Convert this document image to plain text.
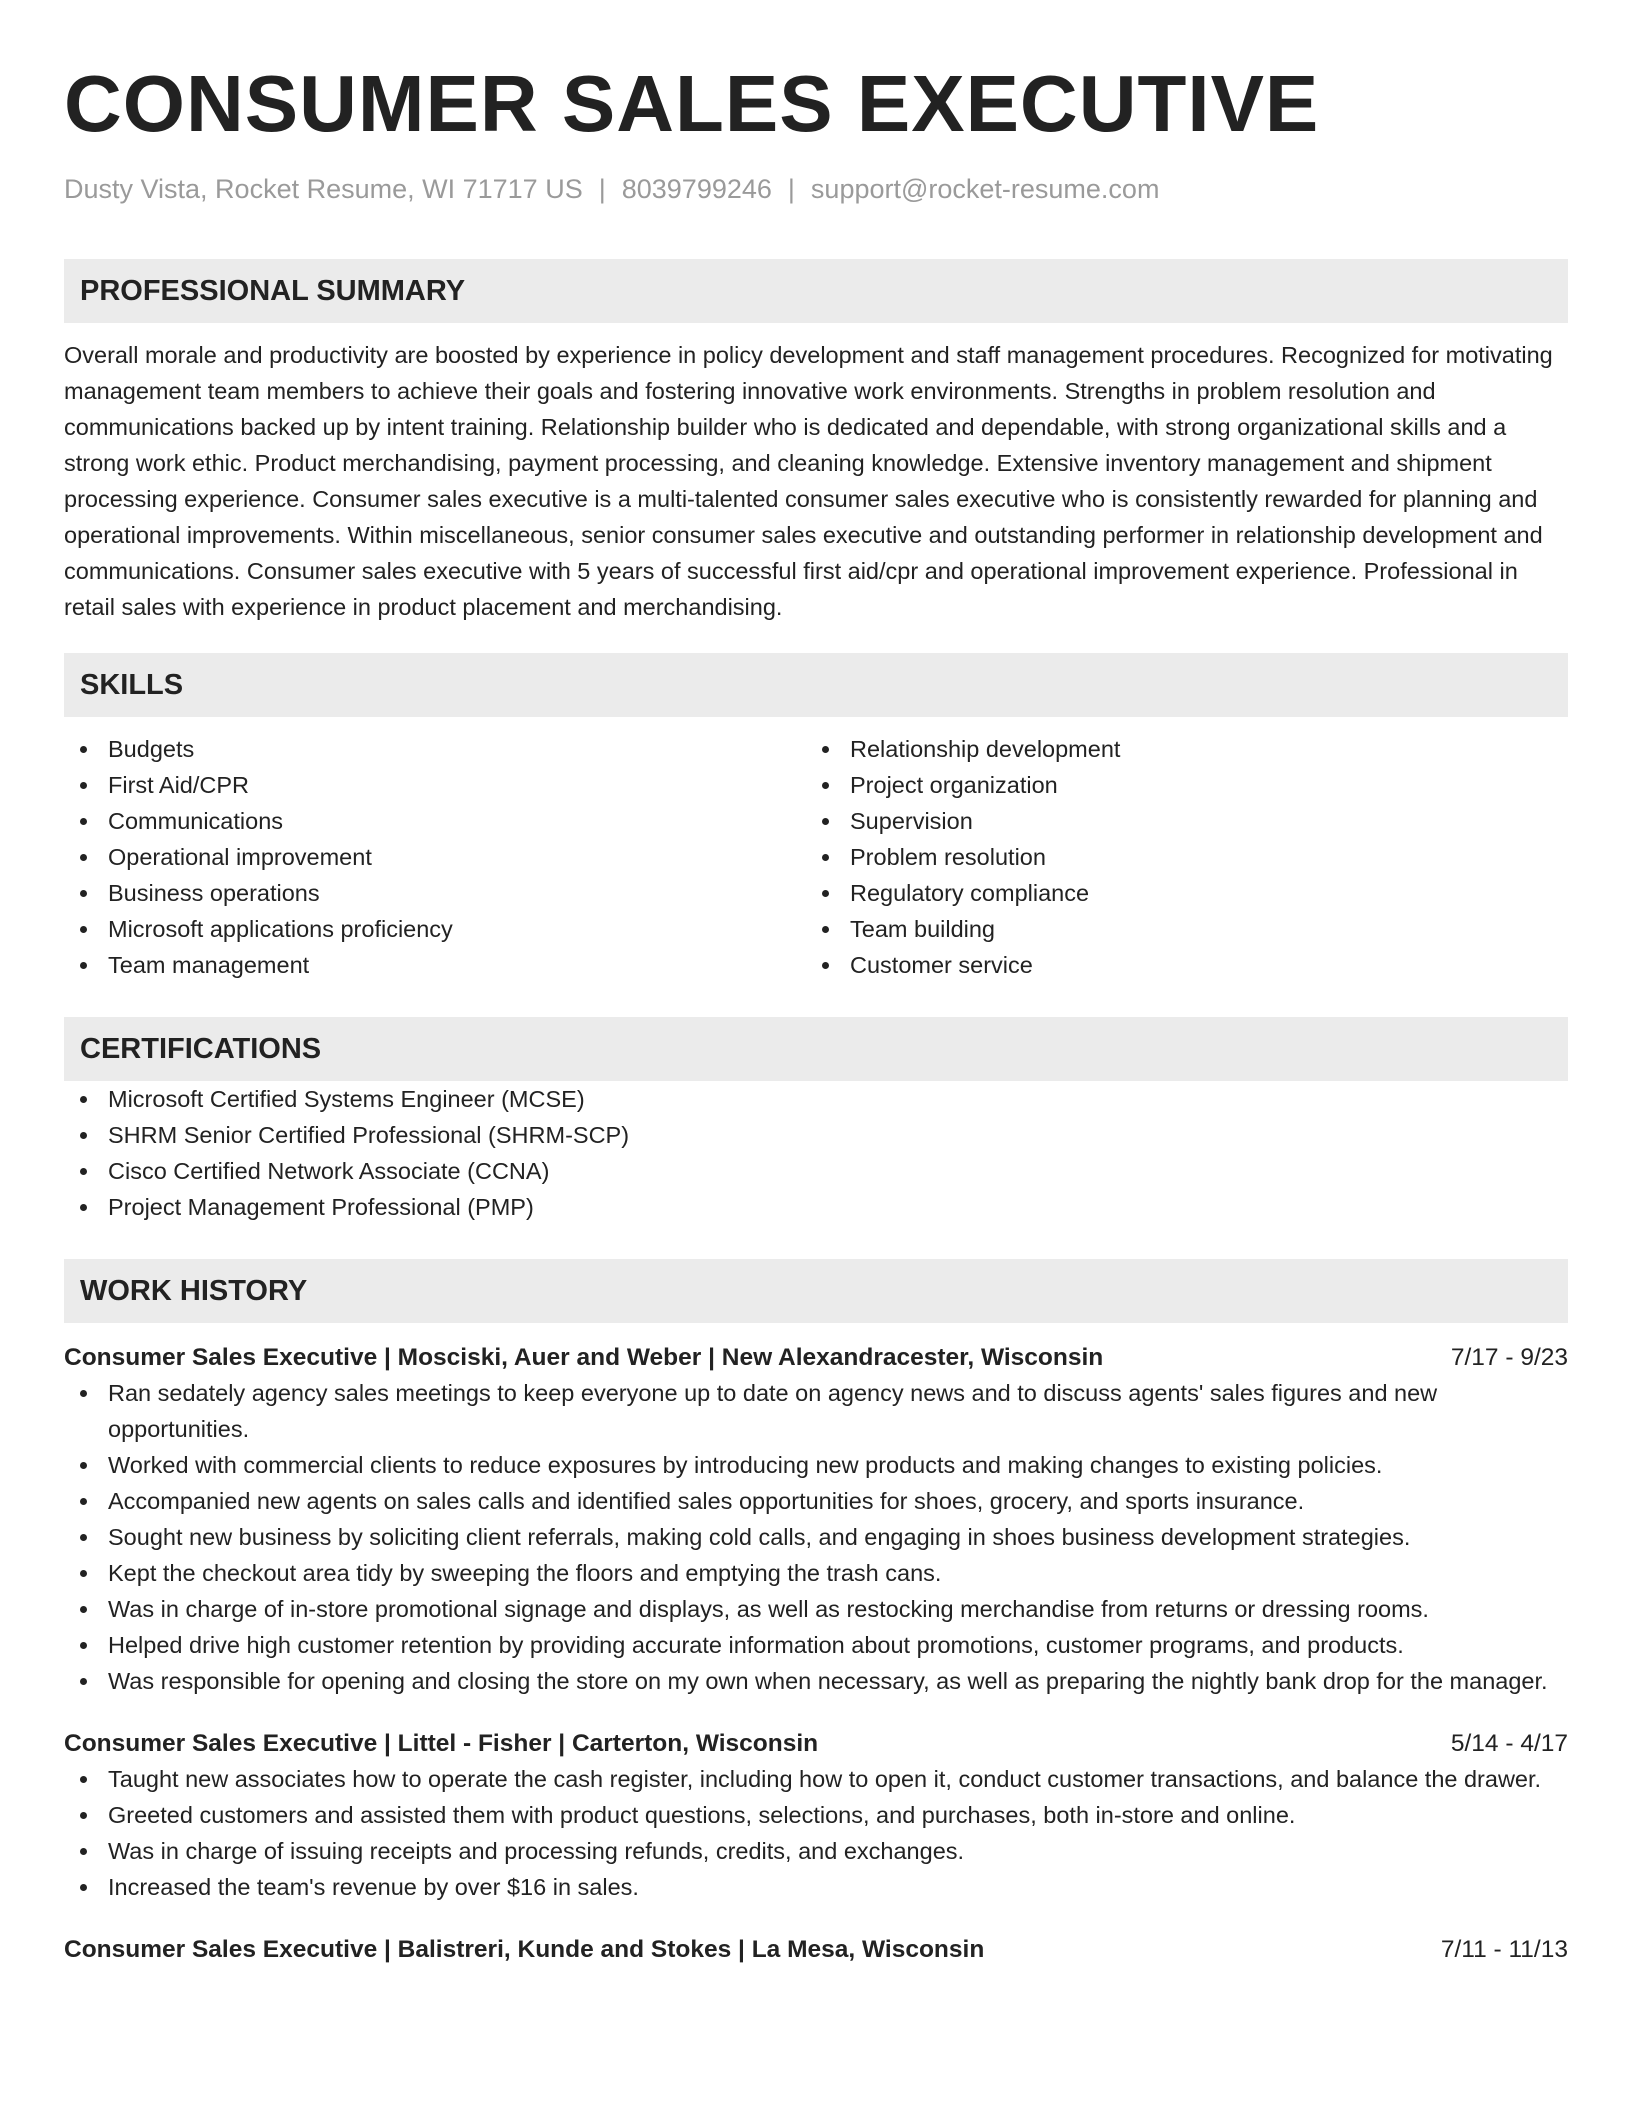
CONSUMER SALES EXECUTIVE
Dusty Vista, Rocket Resume, WI 71717 US | 8039799246 | support@rocket-resume.com
PROFESSIONAL SUMMARY

Overall morale and productivity are boosted by experience in policy development and staff management procedures. Recognized for motivating management team members to achieve their goals and fostering innovative work environments. Strengths in problem resolution and communications backed up by intent training. Relationship builder who is dedicated and dependable, with strong organizational skills and a strong work ethic. Product merchandising, payment processing, and cleaning knowledge. Extensive inventory management and shipment processing experience. Consumer sales executive is a multi-talented consumer sales executive who is consistently rewarded for planning and operational improvements. Within miscellaneous, senior consumer sales executive and outstanding performer in relationship development and communications. Consumer sales executive with 5 years of successful first aid/cpr and operational improvement experience. Professional in retail sales with experience in product placement and merchandising.

SKILLS
Budgets
First Aid/CPR
Communications
Operational improvement
Business operations
Microsoft applications proficiency
Team management
Relationship development
Project organization
Supervision
Problem resolution
Regulatory compliance
Team building
Customer service
CERTIFICATIONS
Microsoft Certified Systems Engineer (MCSE)
SHRM Senior Certified Professional (SHRM-SCP)
Cisco Certified Network Associate (CCNA)
Project Management Professional (PMP)
WORK HISTORY
Consumer Sales Executive | Mosciski, Auer and Weber | New Alexandracester, Wisconsin	7/17 - 9/23
Ran sedately agency sales meetings to keep everyone up to date on agency news and to discuss agents' sales figures and new opportunities.
Worked with commercial clients to reduce exposures by introducing new products and making changes to existing policies.
Accompanied new agents on sales calls and identified sales opportunities for shoes, grocery, and sports insurance.
Sought new business by soliciting client referrals, making cold calls, and engaging in shoes business development strategies.
Kept the checkout area tidy by sweeping the floors and emptying the trash cans.
Was in charge of in-store promotional signage and displays, as well as restocking merchandise from returns or dressing rooms.
Helped drive high customer retention by providing accurate information about promotions, customer programs, and products.
Was responsible for opening and closing the store on my own when necessary, as well as preparing the nightly bank drop for the manager.
Consumer Sales Executive | Littel - Fisher | Carterton, Wisconsin	5/14 - 4/17
Taught new associates how to operate the cash register, including how to open it, conduct customer transactions, and balance the drawer.
Greeted customers and assisted them with product questions, selections, and purchases, both in-store and online.
Was in charge of issuing receipts and processing refunds, credits, and exchanges.
Increased the team's revenue by over $16 in sales.
Consumer Sales Executive | Balistreri, Kunde and Stokes | La Mesa, Wisconsin	7/11 - 11/13
